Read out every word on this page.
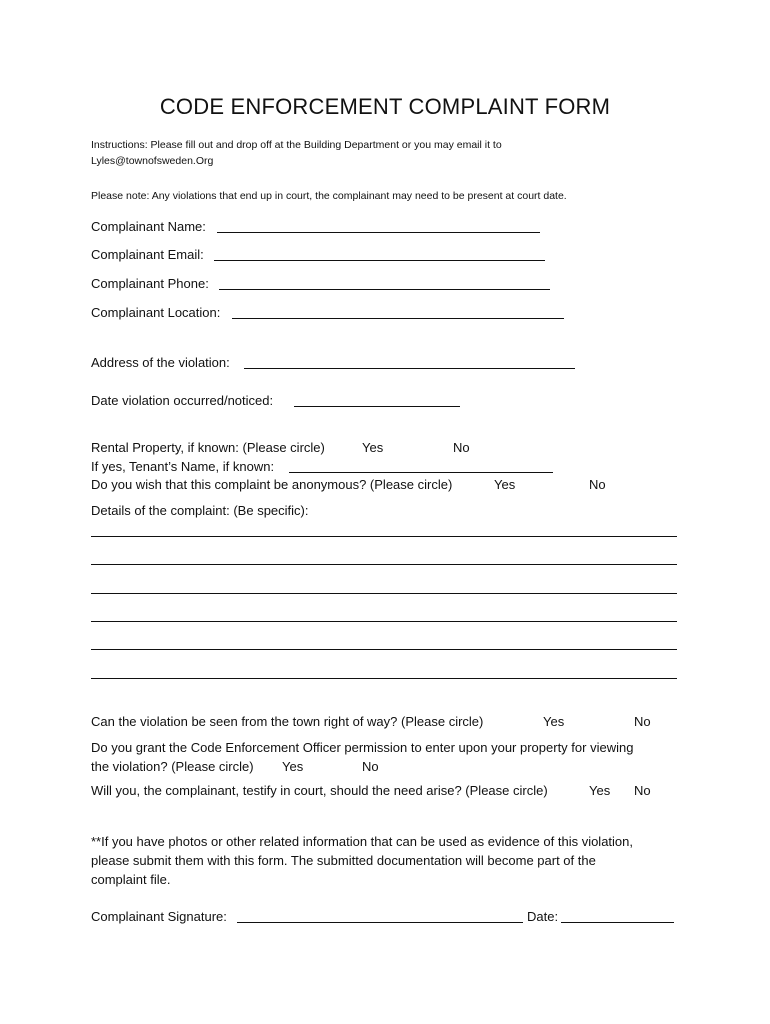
CODE ENFORCEMENT COMPLAINT FORM
Instructions: Please fill out and drop off at the Building Department or you may email it to
Lyles@townofsweden.Org
Please note: Any violations that end up in court, the complainant may need to be present at court date.
Complainant Name:
Complainant Email:
Complainant Phone:
Complainant Location:
Address of the violation:
Date violation occurred/noticed:
Rental Property, if known: (Please circle)	Yes	No
If yes, Tenant’s Name, if known:
Do you wish that this complaint be anonymous? (Please circle)	Yes	No
Details of the complaint: (Be specific):
Can the violation be seen from the town right of way? (Please circle)	Yes	No
Do you grant the Code Enforcement Officer permission to enter upon your property for viewing
the violation? (Please circle) Yes	No
Will you, the complainant, testify in court, should the need arise? (Please circle)	Yes No
**If you have photos or other related information that can be used as evidence of this violation,
please submit them with this form. The submitted documentation will become part of the
complaint file.
Complainant Signature:	Date:
